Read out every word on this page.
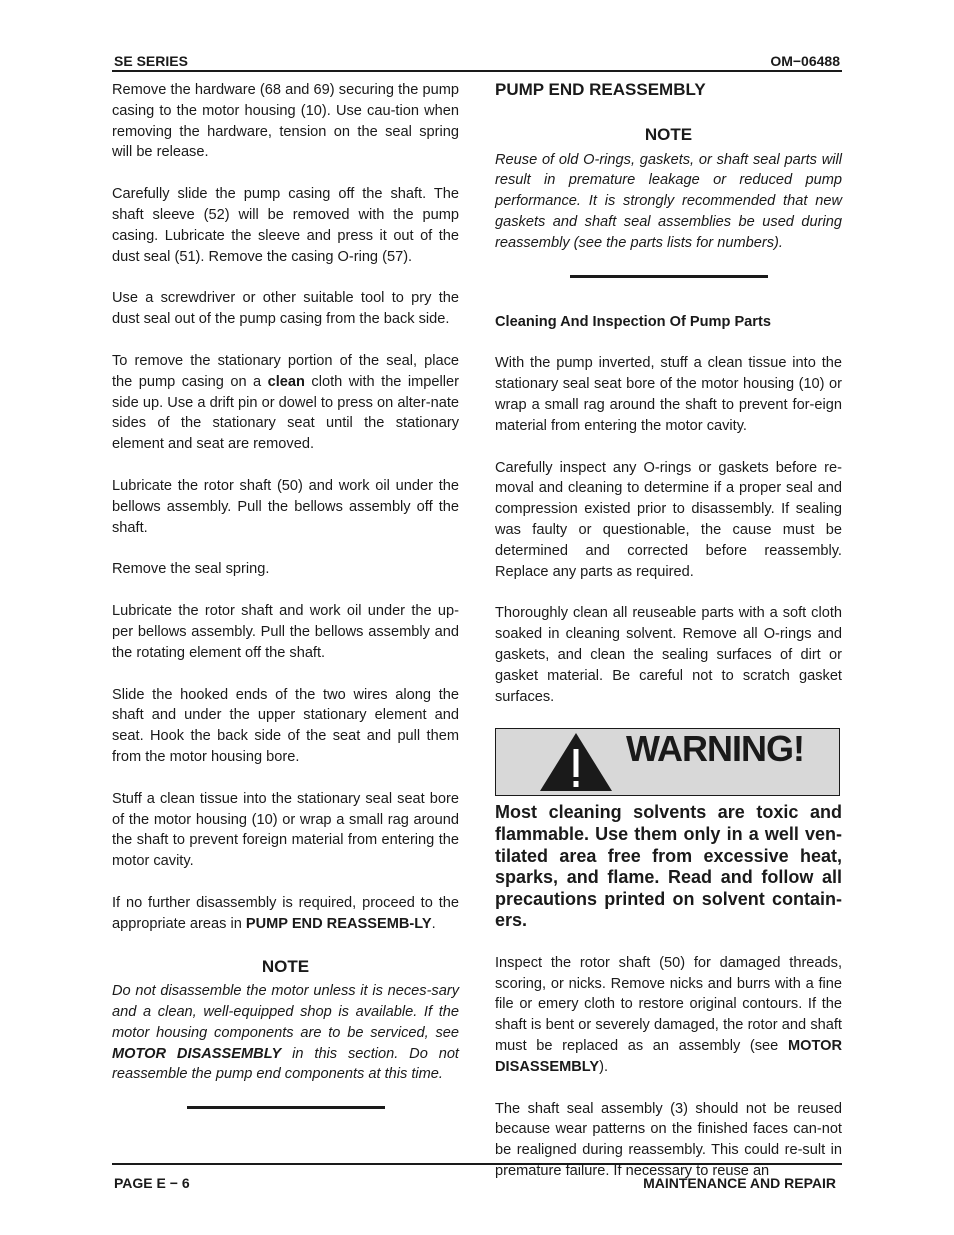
SE SERIES	OM−06488

Remove the hardware (68 and 69) securing the pump casing to the motor housing (10). Use cau-tion when removing the hardware, tension on the seal spring will be release.

Carefully slide the pump casing off the shaft. The shaft sleeve (52) will be removed with the pump casing. Lubricate the sleeve and press it out of the dust seal (51). Remove the casing O-ring (57).

Use a screwdriver or other suitable tool to pry the dust seal out of the pump casing from the back side.

To remove the stationary portion of the seal, place the pump casing on a clean cloth with the impeller side up. Use a drift pin or dowel to press on alter-nate sides of the stationary seat until the stationary element and seat are removed.

Lubricate the rotor shaft (50) and work oil under the bellows assembly. Pull the bellows assembly off the shaft.

Remove the seal spring.

Lubricate the rotor shaft and work oil under the up-per bellows assembly. Pull the bellows assembly and the rotating element off the shaft.

Slide the hooked ends of the two wires along the shaft and under the upper stationary element and seat. Hook the back side of the seat and pull them from the motor housing bore.

Stuff a clean tissue into the stationary seal seat bore of the motor housing (10) or wrap a small rag around the shaft to prevent foreign material from entering the motor cavity.

If no further disassembly is required, proceed to the appropriate areas in PUMP END REASSEMB-LY.

NOTE

Do not disassemble the motor unless it is neces-sary and a clean, well-equipped shop is available. If the motor housing components are to be serviced, see MOTOR DISASSEMBLY in this section. Do not reassemble the pump end components at this time.

PUMP END REASSEMBLY
NOTE

Reuse of old O-rings, gaskets, or shaft seal parts will result in premature leakage or reduced pump performance. It is strongly recommended that new gaskets and shaft seal assemblies be used during reassembly (see the parts lists for numbers).

Cleaning And Inspection Of Pump Parts

With the pump inverted, stuff a clean tissue into the stationary seal seat bore of the motor housing (10) or wrap a small rag around the shaft to prevent for-eign material from entering the motor cavity.

Carefully inspect any O-rings or gaskets before re-moval and cleaning to determine if a proper seal and compression existed prior to disassembly. If sealing was faulty or questionable, the cause must be determined and corrected before reassembly. Replace any parts as required.

Thoroughly clean all reuseable parts with a soft cloth soaked in cleaning solvent. Remove all O-rings and gaskets, and clean the sealing surfaces of dirt or gasket material. Be careful not to scratch gasket surfaces.

WARNING!

Most cleaning solvents are toxic and flammable. Use them only in a well ven-tilated area free from excessive heat, sparks, and flame. Read and follow all precautions printed on solvent contain-ers.

Inspect the rotor shaft (50) for damaged threads, scoring, or nicks. Remove nicks and burrs with a fine file or emery cloth to restore original contours. If the shaft is bent or severely damaged, the rotor and shaft must be replaced as an assembly (see MOTOR DISASSEMBLY).

The shaft seal assembly (3) should not be reused because wear patterns on the finished faces can-not be realigned during reassembly. This could re-sult in premature failure. If necessary to reuse an

PAGE E − 6	MAINTENANCE AND REPAIR
